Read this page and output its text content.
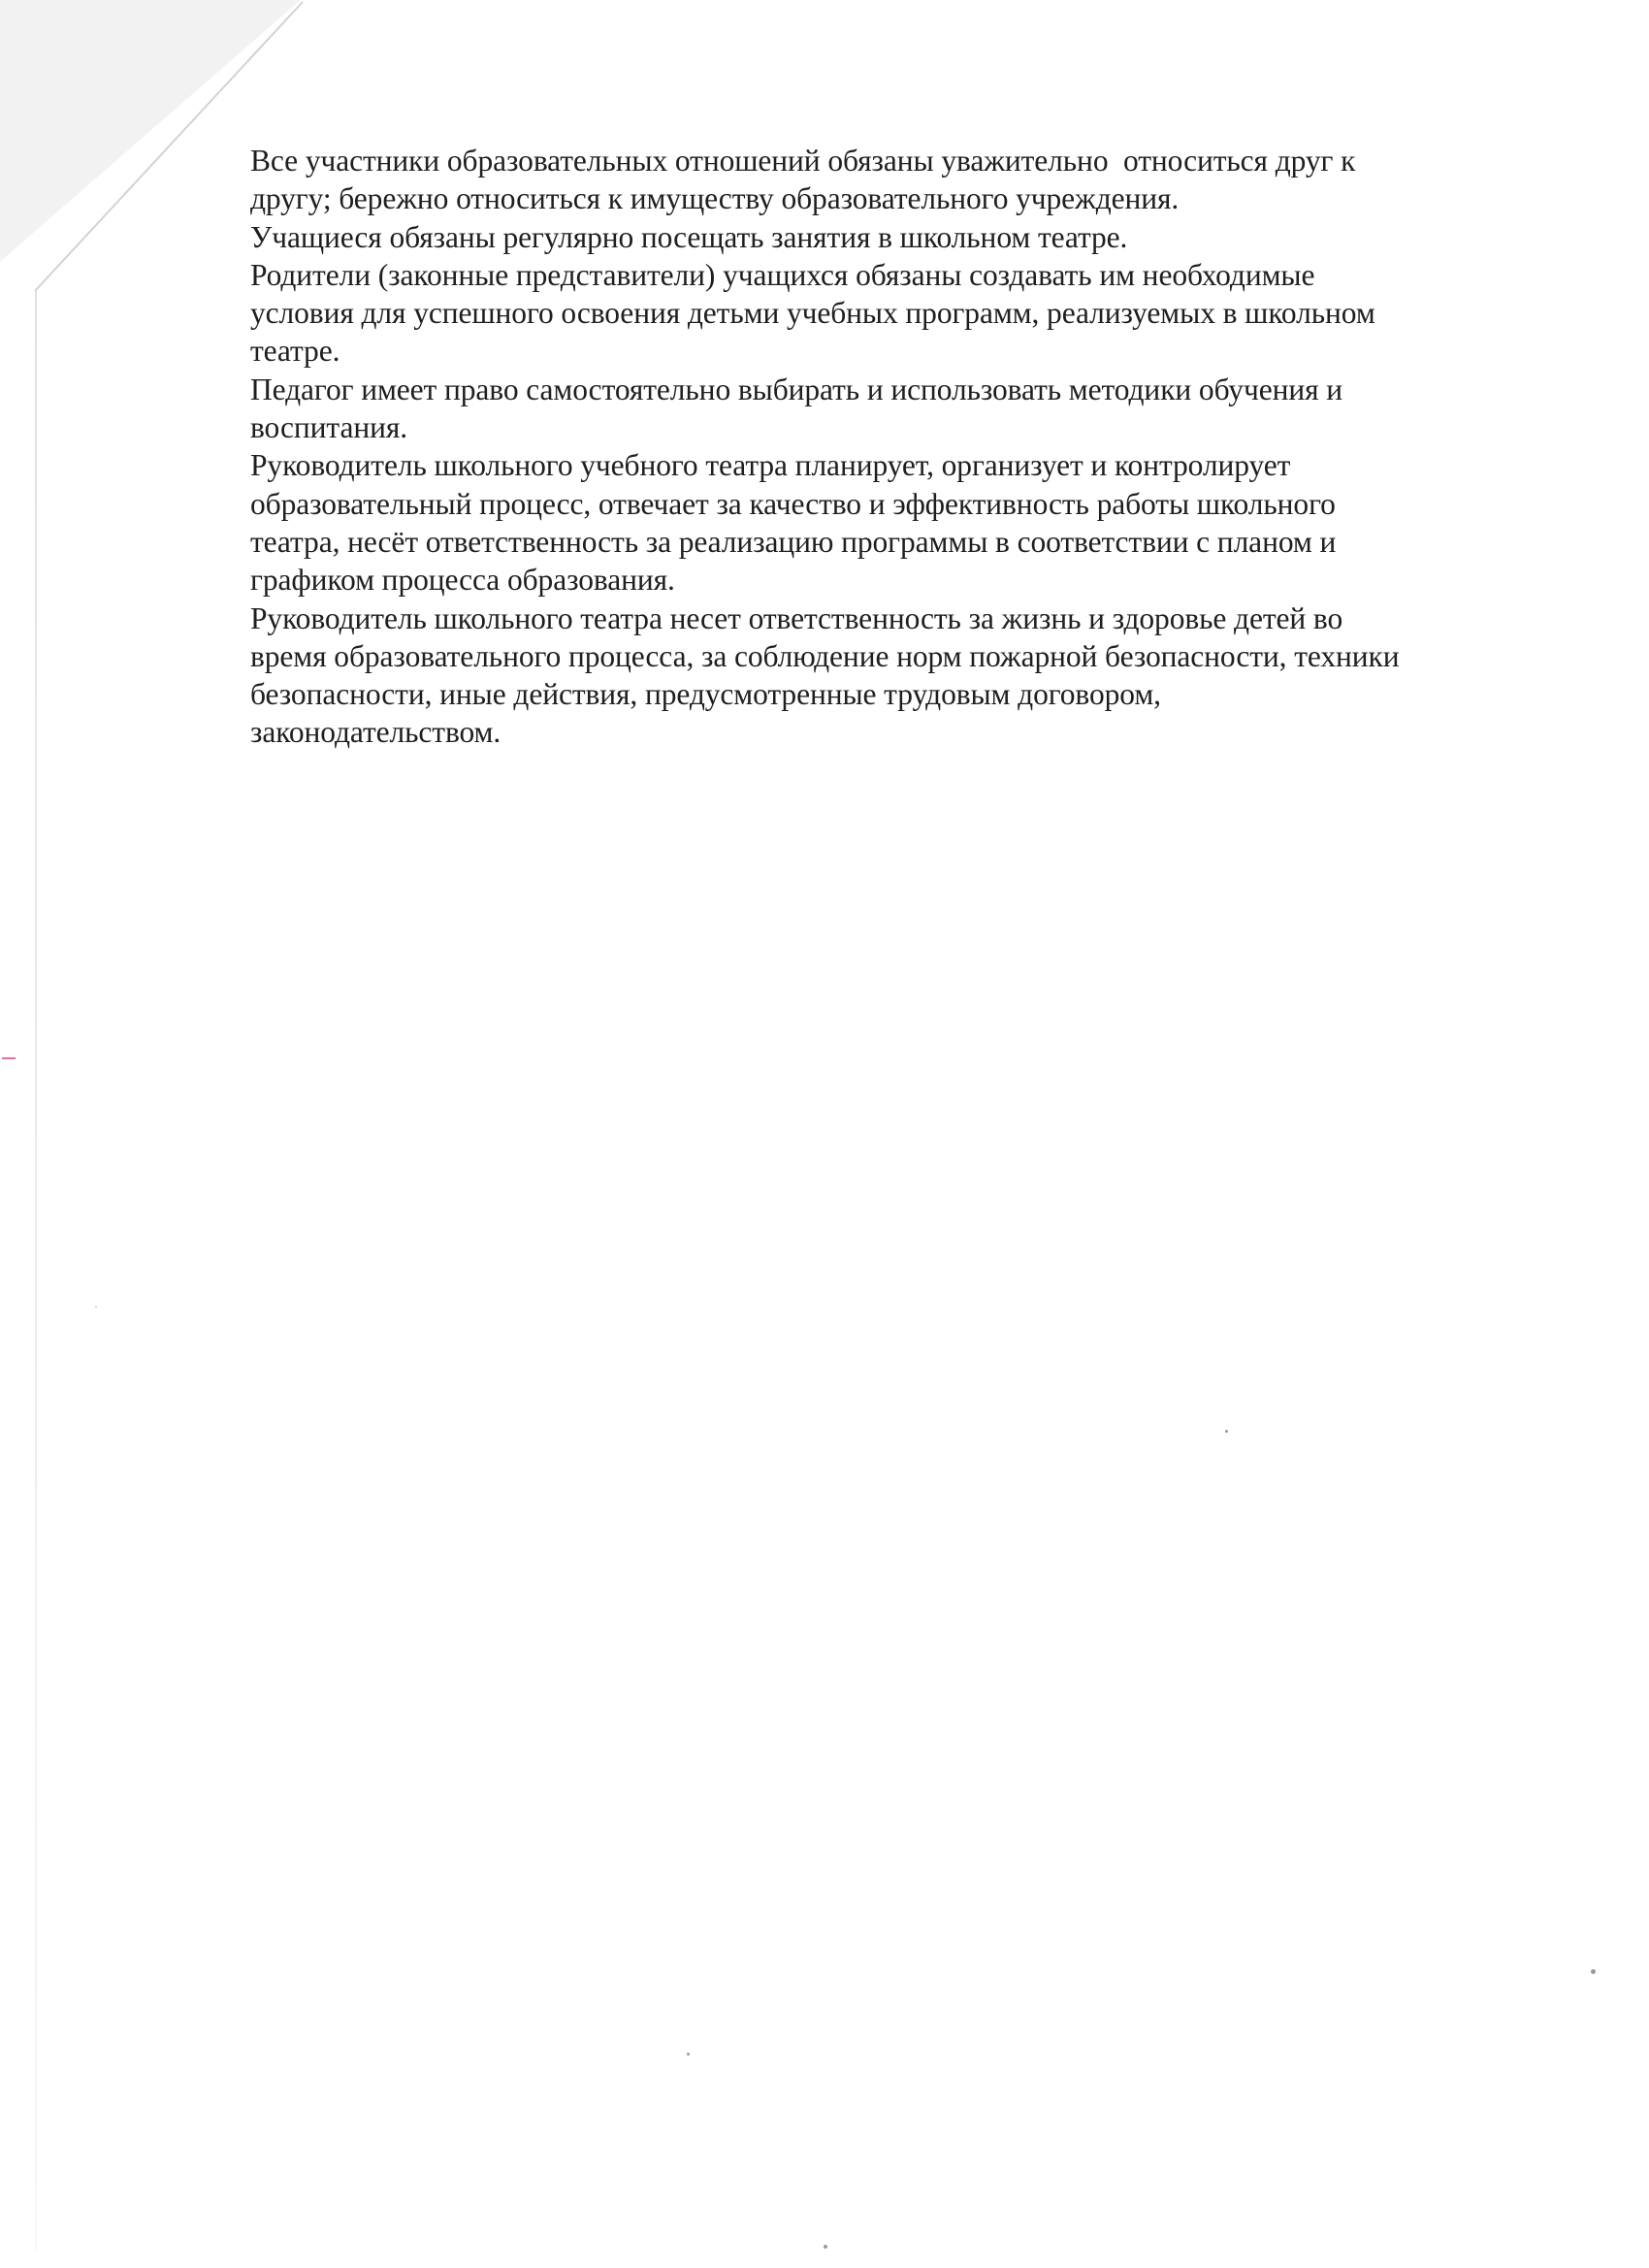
Все участники образовательных отношений обязаны уважительно  относиться друг к
другу; бережно относиться к имуществу образовательного учреждения.
Учащиеся обязаны регулярно посещать занятия в школьном театре.
Родители (законные представители) учащихся обязаны создавать им необходимые
условия для успешного освоения детьми учебных программ, реализуемых в школьном
театре.
Педагог имеет право самостоятельно выбирать и использовать методики обучения и
воспитания.
Руководитель школьного учебного театра планирует, организует и контролирует
образовательный процесс, отвечает за качество и эффективность работы школьного
театра, несёт ответственность за реализацию программы в соответствии с планом и
графиком процесса образования.
Руководитель школьного театра несет ответственность за жизнь и здоровье детей во
время образовательного процесса, за соблюдение норм пожарной безопасности, техники
безопасности, иные действия, предусмотренные трудовым договором,
законодательством.
